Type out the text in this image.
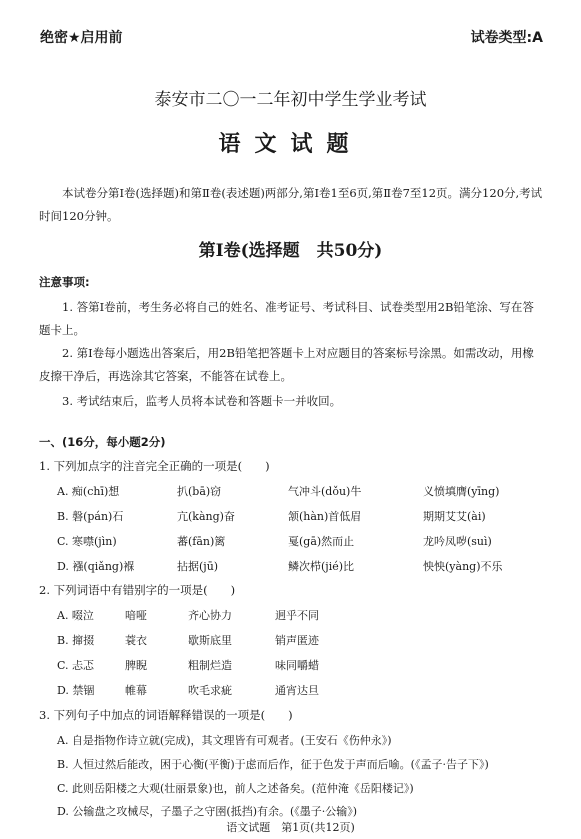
绝密★启用前	试卷类型:A
泰安市二〇一二年初中学生学业考试
语文试题
本试卷分第Ⅰ卷(选择题)和第Ⅱ卷(表述题)两部分,第Ⅰ卷1至6页,第Ⅱ卷7至12页。满分120分,考试时间120分钟。
第Ⅰ卷(选择题　共50分)
注意事项:
1. 答第Ⅰ卷前，考生务必将自己的姓名、准考证号、考试科目、试卷类型用2B铅笔涂、写在答题卡上。
2. 第Ⅰ卷每小题选出答案后，用2B铅笔把答题卡上对应题目的答案标号涂黑。如需改动，用橡皮擦干净后，再选涂其它答案，不能答在试卷上。
3. 考试结束后，监考人员将本试卷和答题卡一并收回。
一、(16分，每小题2分)
1. 下列加点字的注音完全正确的一项是(　　)
A. 痴(chī)想	扒(bā)窃	气冲斗(dǒu)牛	义愤填膺(yīng)
B. 磐(pán)石	亢(kàng)奋	颔(hàn)首低眉	期期艾艾(ài)
C. 寒噤(jìn)	蕃(fān)篱	戛(gā)然而止	龙吟凤哕(suì)
D. 襁(qiǎng)褓	拈据(jū)	鳞次栉(jié)比	怏怏(yàng)不乐
2. 下列词语中有错别字的一项是(　　)
A. 啜泣	喑哑	齐心协力	迥乎不同
B. 撺掇	蓑衣	歇斯底里	销声匿迹
C. 忐忑	脾睨	粗制烂造	味同嚼蜡
D. 禁锢	帷幕	吹毛求疵	通宵达旦
3. 下列句子中加点的词语解释错误的一项是(　　)
A. 自是指物作诗立就(完成)，其文理皆有可观者。(王安石《伤仲永》)
B. 人恒过然后能改，困于心衡(平衡)于虑而后作，征于色发于声而后喻。(《孟子·告子下》)
C. 此则岳阳楼之大观(壮丽景象)也，前人之述备矣。(范仲淹《岳阳楼记》)
D. 公输盘之攻械尽，子墨子之守圉(抵挡)有余。(《墨子·公输》)
语文试题　第1页(共12页)
